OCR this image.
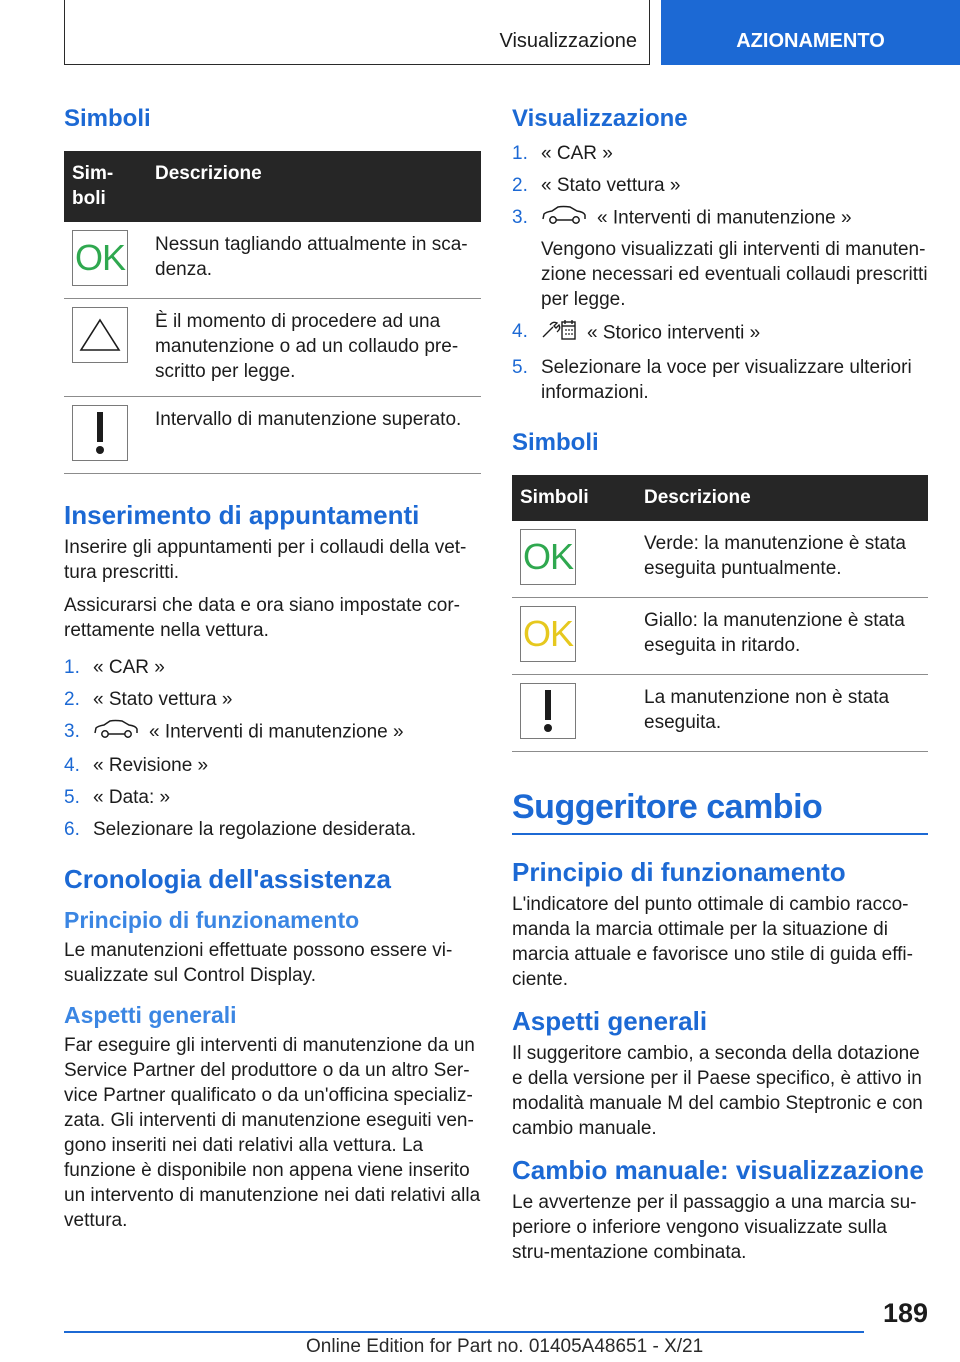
Visualizzazione	AZIONAMENTO
Simboli
Sim‐
boli	Descrizione

OK	Nessun tagliando attualmente in sca‐denza.

	È il momento di procedere ad una manutenzione o ad un collaudo pre‐scritto per legge.

	Intervallo di manutenzione superato.
Inserimento di appuntamenti

Inserire gli appuntamenti per i collaudi della vet‐tura prescritti.

Assicurarsi che data e ora siano impostate cor‐rettamente nella vettura.

1. « CAR »
2. « Stato vettura »
3.	« Interventi di manutenzione »
4. « Revisione »
5. « Data: »
6. Selezionare la regolazione desiderata.
Cronologia dell'assistenza
Principio di funzionamento

Le manutenzioni effettuate possono essere vi‐sualizzate sul Control Display.

Aspetti generali

Far eseguire gli interventi di manutenzione da un Service Partner del produttore o da un altro Ser‐vice Partner qualificato o da un'officina specializ‐zata. Gli interventi di manutenzione eseguiti ven‐gono inseriti nei dati relativi alla vettura. La funzione è disponibile non appena viene inserito un intervento di manutenzione nei dati relativi alla vettura.

Visualizzazione
1. « CAR »
2. « Stato vettura »
3.	« Interventi di manutenzione »

Vengono visualizzati gli interventi di manuten‐zione necessari ed eventuali collaudi prescritti per legge.

4.	« Storico interventi »
5. Selezionare la voce per visualizzare ulteriori informazioni.
Simboli
Simboli	Descrizione

OK	Verde: la manutenzione è stata eseguita puntualmente.

OK	Giallo: la manutenzione è stata eseguita in ritardo.

	La manutenzione non è stata eseguita.
Suggeritore cambio
Principio di funzionamento

L'indicatore del punto ottimale di cambio racco‐manda la marcia ottimale per la situazione di marcia attuale e favorisce uno stile di guida effi‐ciente.

Aspetti generali

Il suggeritore cambio, a seconda della dotazione e della versione per il Paese specifico, è attivo in modalità manuale M del cambio Steptronic e con cambio manuale.

Cambio manuale: visualizzazione

Le avvertenze per il passaggio a una marcia su‐periore o inferiore vengono visualizzate sulla stru‐mentazione combinata.

189
Online Edition for Part no. 01405A48651 - X/21
